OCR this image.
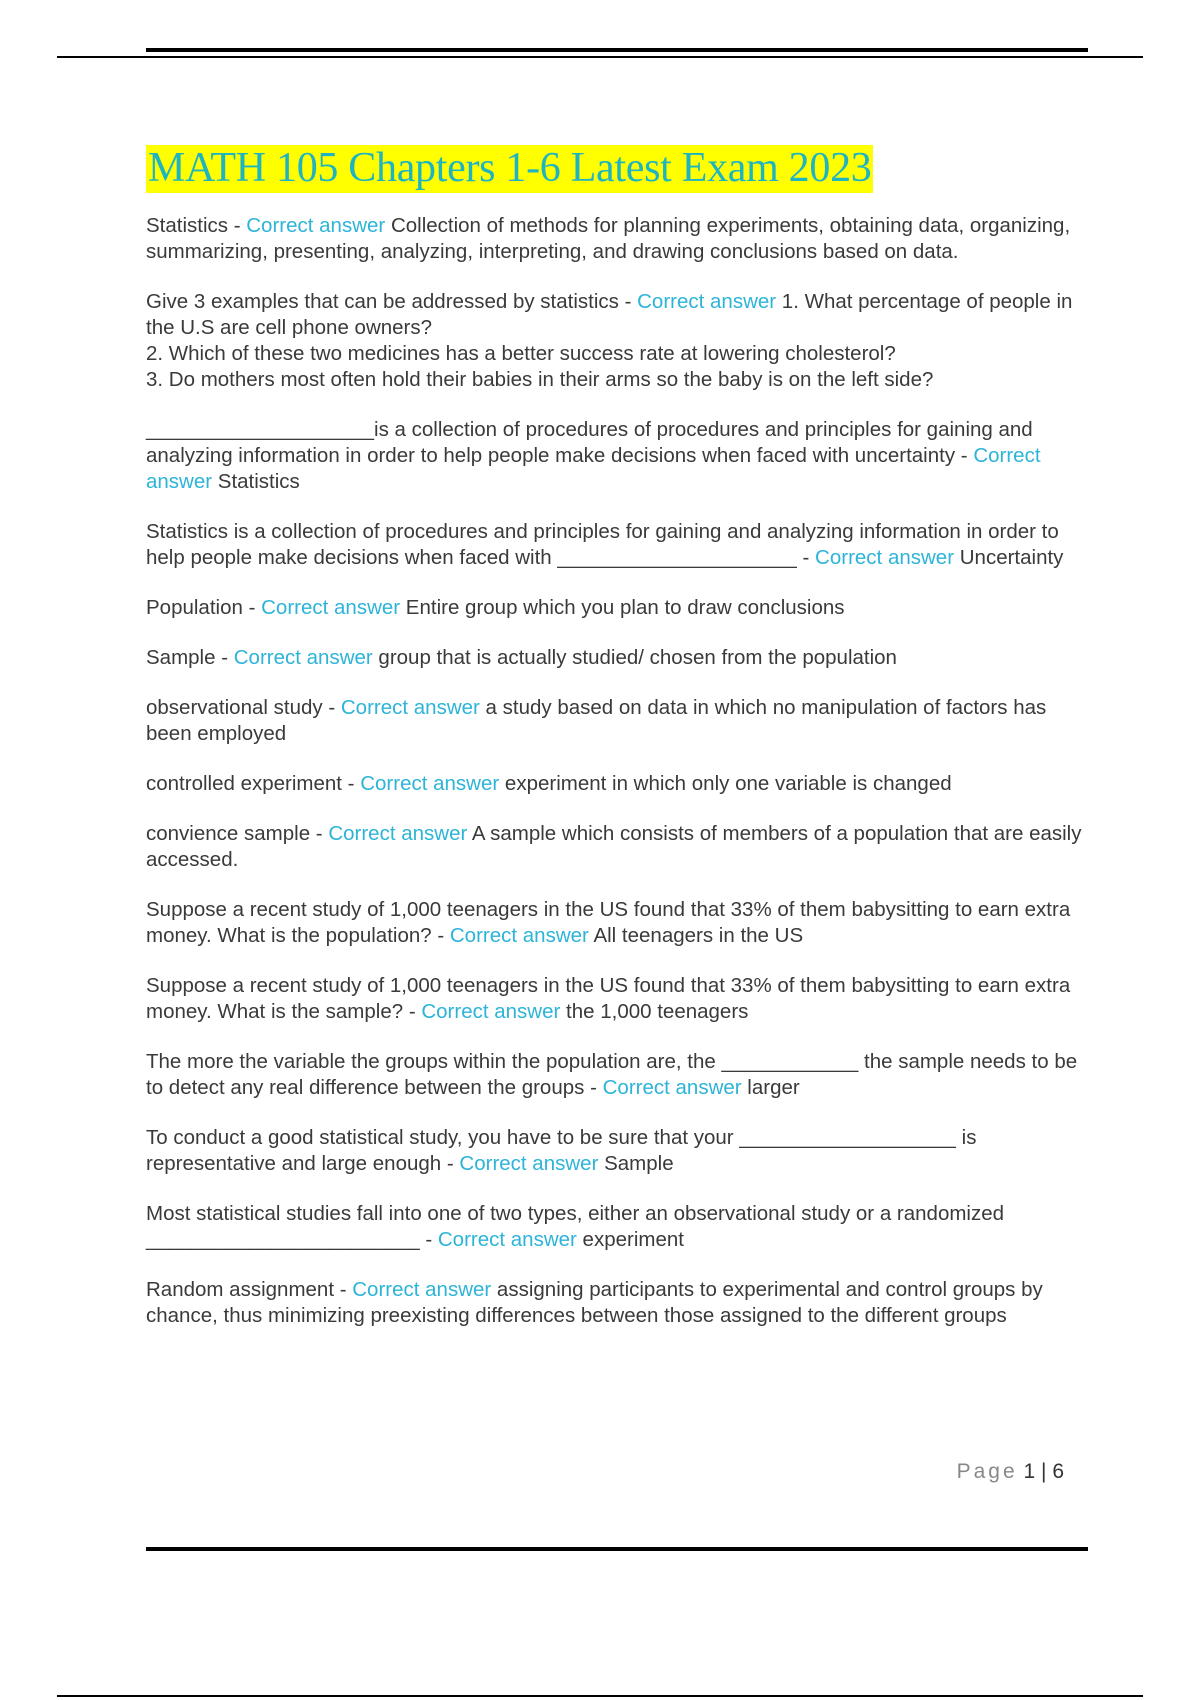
MATH 105 Chapters 1-6 Latest Exam 2023

Statistics - Correct answer Collection of methods for planning experiments, obtaining data, organizing, summarizing, presenting, analyzing, interpreting, and drawing conclusions based on data.

Give 3 examples that can be addressed by statistics - Correct answer 1. What percentage of people in the U.S are cell phone owners?
2. Which of these two medicines has a better success rate at lowering cholesterol?
3. Do mothers most often hold their babies in their arms so the baby is on the left side?

____________________is a collection of procedures of procedures and principles for gaining and analyzing information in order to help people make decisions when faced with uncertainty - Correct answer Statistics

Statistics is a collection of procedures and principles for gaining and analyzing information in order to help people make decisions when faced with _____________________ - Correct answer Uncertainty

Population - Correct answer Entire group which you plan to draw conclusions

Sample - Correct answer group that is actually studied/ chosen from the population

observational study - Correct answer a study based on data in which no manipulation of factors has been employed

controlled experiment - Correct answer experiment in which only one variable is changed

convience sample - Correct answer A sample which consists of members of a population that are easily accessed.

Suppose a recent study of 1,000 teenagers in the US found that 33% of them babysitting to earn extra money. What is the population? - Correct answer All teenagers in the US

Suppose a recent study of 1,000 teenagers in the US found that 33% of them babysitting to earn extra money. What is the sample? - Correct answer the 1,000 teenagers

The more the variable the groups within the population are, the ____________ the sample needs to be to detect any real difference between the groups - Correct answer larger

To conduct a good statistical study, you have to be sure that your ___________________ is representative and large enough - Correct answer Sample

Most statistical studies fall into one of two types, either an observational study or a randomized ________________________ - Correct answer experiment

Random assignment - Correct answer assigning participants to experimental and control groups by chance, thus minimizing preexisting differences between those assigned to the different groups

Page 1 | 6
